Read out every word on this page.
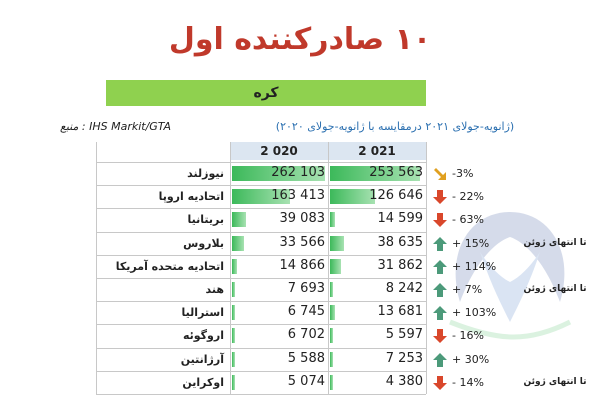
۱۰ صادرکننده اول
کره
(ژانویه-جولای ۲۰۲۱ درمقایسه با ژانویه-جولای ۲۰۲۰)
IHS Markit/GTA : منبع
2 020	2 021
نیوزلند	262 103	253 563	-3%
اتحادیه اروپا	163 413	126 646	- 22%
بریتانیا	39 083	14 599	- 63%
بلاروس	33 566	38 635	+ 15%	تا انتهای ژوئن
اتحادیه متحده آمریکا	14 866	31 862	+ 114%
هند	7 693	8 242	+ 7%	تا انتهای ژوئن
استرالیا	6 745	13 681	+ 103%
اروگوئه	6 702	5 597	- 16%
آرژانتین	5 588	7 253	+ 30%
اوکراین	5 074	4 380	- 14%	تا انتهای ژوئن
